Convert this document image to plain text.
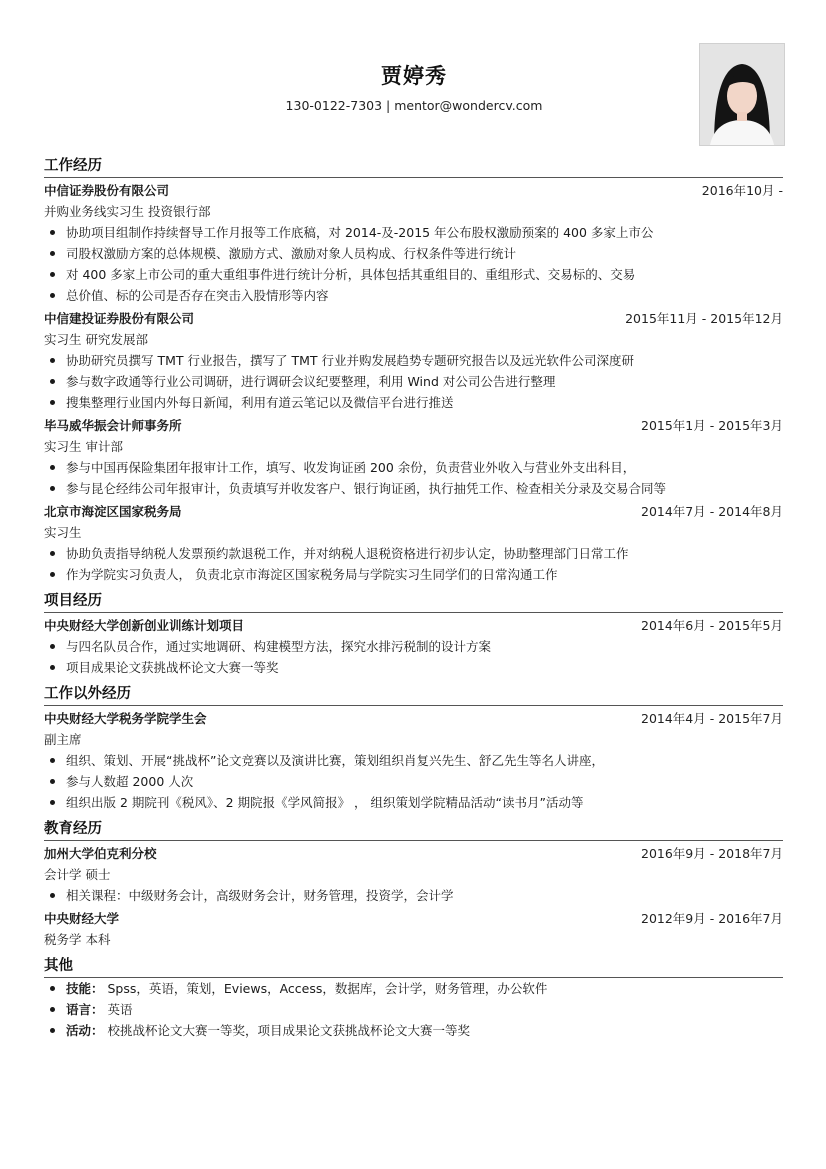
贾婷秀
130-0122-7303 | mentor@wondercv.com
工作经历
中信证券股份有限公司	2016年10月 -
并购业务线实习生 投资银行部
协助项目组制作持续督导工作月报等工作底稿，对 2014-及-2015 年公布股权激励预案的 400 多家上市公
司股权激励方案的总体规模、激励方式、激励对象人员构成、行权条件等进行统计
对 400 多家上市公司的重大重组事件进行统计分析，具体包括其重组目的、重组形式、交易标的、交易
总价值、标的公司是否存在突击入股情形等内容
中信建投证券股份有限公司	2015年11月 - 2015年12月
实习生 研究发展部
协助研究员撰写 TMT 行业报告，撰写了 TMT 行业并购发展趋势专题研究报告以及远光软件公司深度研
参与数字政通等行业公司调研，进行调研会议纪要整理，利用 Wind 对公司公告进行整理
搜集整理行业国内外每日新闻，利用有道云笔记以及微信平台进行推送
毕马威华振会计师事务所	2015年1月 - 2015年3月
实习生 审计部
参与中国再保险集团年报审计工作，填写、收发询证函 200 余份，负责营业外收入与营业外支出科目，
参与昆仑经纬公司年报审计，负责填写并收发客户、银行询证函，执行抽凭工作、检查相关分录及交易合同等
北京市海淀区国家税务局	2014年7月 - 2014年8月
实习生
协助负责指导纳税人发票预约款退税工作，并对纳税人退税资格进行初步认定，协助整理部门日常工作
作为学院实习负责人， 负责北京市海淀区国家税务局与学院实习生同学们的日常沟通工作
项目经历
中央财经大学创新创业训练计划项目	2014年6月 - 2015年5月
与四名队员合作，通过实地调研、构建模型方法，探究水排污税制的设计方案
项目成果论文获挑战杯论文大赛一等奖
工作以外经历
中央财经大学税务学院学生会	2014年4月 - 2015年7月
副主席
组织、策划、开展“挑战杯”论文竞赛以及演讲比赛，策划组织肖复兴先生、舒乙先生等名人讲座，
参与人数超 2000 人次
组织出版 2 期院刊《税风》、2 期院报《学风简报》 ， 组织策划学院精品活动“读书月”活动等
教育经历
加州大学伯克利分校	2016年9月 - 2018年7月
会计学 硕士
相关课程：中级财务会计，高级财务会计，财务管理，投资学，会计学
中央财经大学	2012年9月 - 2016年7月
税务学 本科
其他
技能： Spss，英语，策划，Eviews，Access，数据库，会计学，财务管理，办公软件
语言： 英语
活动： 校挑战杯论文大赛一等奖，项目成果论文获挑战杯论文大赛一等奖
